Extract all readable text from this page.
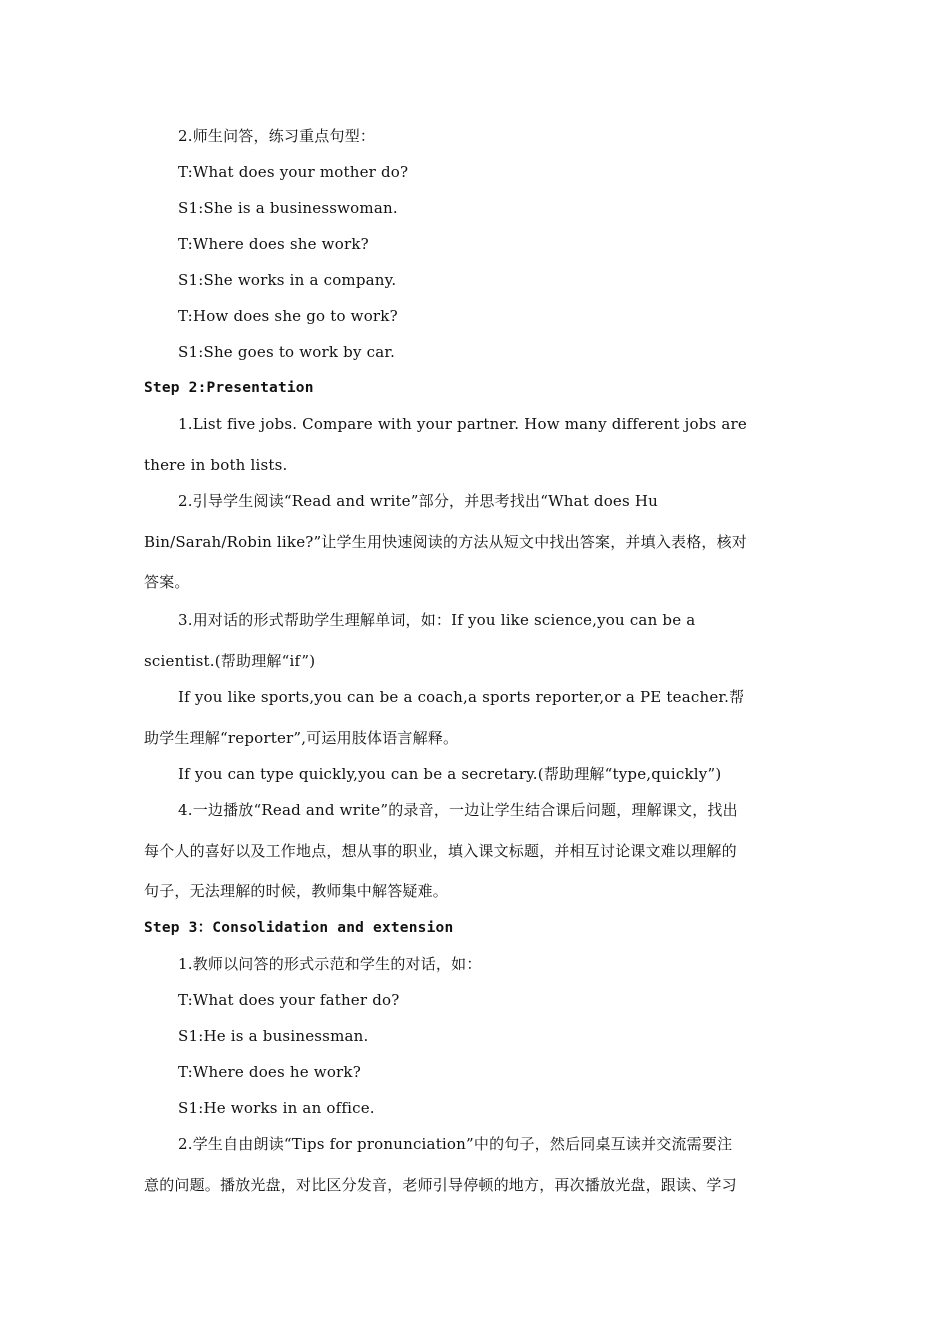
2.师生问答，练习重点句型：
T:What does your mother do?
S1:She is a businesswoman.
T:Where does she work?
S1:She works in a company.
T:How does she go to work?
S1:She goes to work by car.
Step 2:Presentation
1.List five jobs. Compare with your partner. How many different jobs are
there in both lists.
2.引导学生阅读“Read and write”部分，并思考找出“What does Hu
Bin/Sarah/Robin like?”让学生用快速阅读的方法从短文中找出答案，并填入表格，核对
答案。
3.用对话的形式帮助学生理解单词，如：If you like science,you can be a
scientist.(帮助理解“if”)
If you like sports,you can be a coach,a sports reporter,or a PE teacher.帮
助学生理解“reporter”,可运用肢体语言解释。
If you can type quickly,you can be a secretary.(帮助理解“type,quickly”)
4.一边播放“Read and write”的录音，一边让学生结合课后问题，理解课文，找出
每个人的喜好以及工作地点，想从事的职业，填入课文标题，并相互讨论课文难以理解的
句子，无法理解的时候，教师集中解答疑难。
Step 3：Consolidation and extension
1.教师以问答的形式示范和学生的对话，如：
T:What does your father do?
S1:He is a businessman.
T:Where does he work?
S1:He works in an office.
2.学生自由朗读“Tips for pronunciation”中的句子，然后同桌互读并交流需要注
意的问题。播放光盘，对比区分发音，老师引导停顿的地方，再次播放光盘，跟读、学习
